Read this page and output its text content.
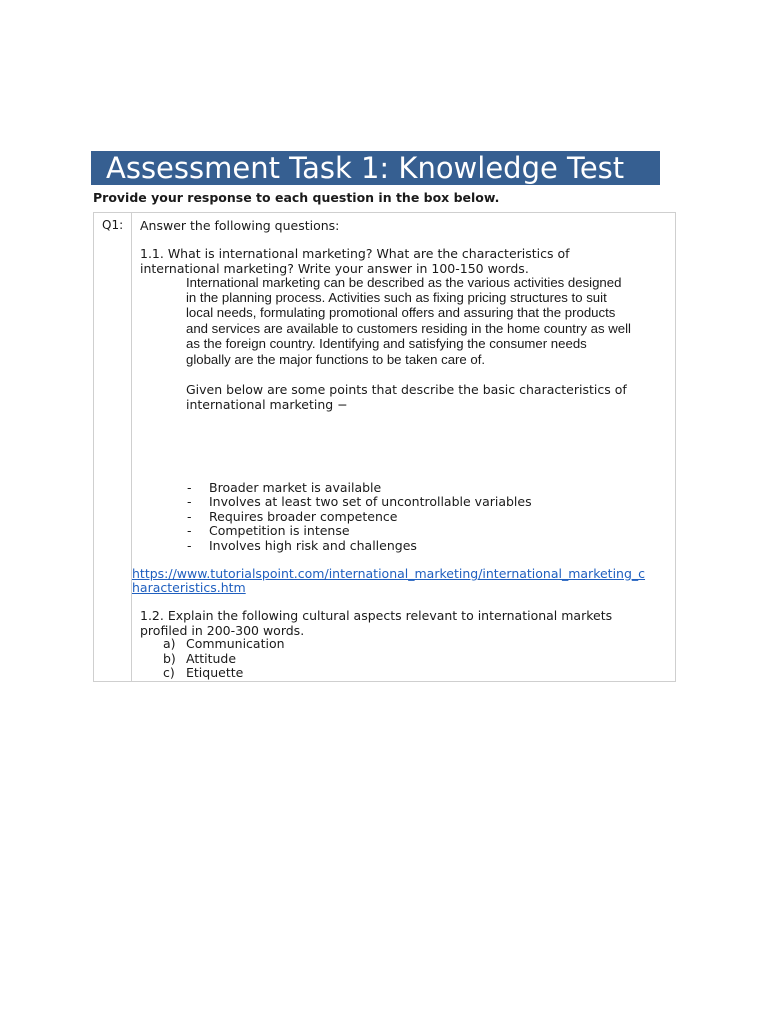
Assessment Task 1: Knowledge Test
Provide your response to each question in the box below.
Q1: Answer the following questions:

1.1. What is international marketing? What are the characteristics of

international marketing? Write your answer in 100-150 words.

International marketing can be described as the various activities designed

in the planning process. Activities such as fixing pricing structures to suit

local needs, formulating promotional offers and assuring that the products

and services are available to customers residing in the home country as well

as the foreign country. Identifying and satisfying the consumer needs

globally are the major functions to be taken care of.

Given below are some points that describe the basic characteristics of

international marketing −

- Broader market is available
- Involves at least two set of uncontrollable variables
- Requires broader competence
- Competition is intense
- Involves high risk and challenges

https://www.tutorialspoint.com/international_marketing/international_marketing_c

haracteristics.htm

1.2. Explain the following cultural aspects relevant to international markets

profiled in 200-300 words.

a) Communication
b) Attitude
c) Etiquette
